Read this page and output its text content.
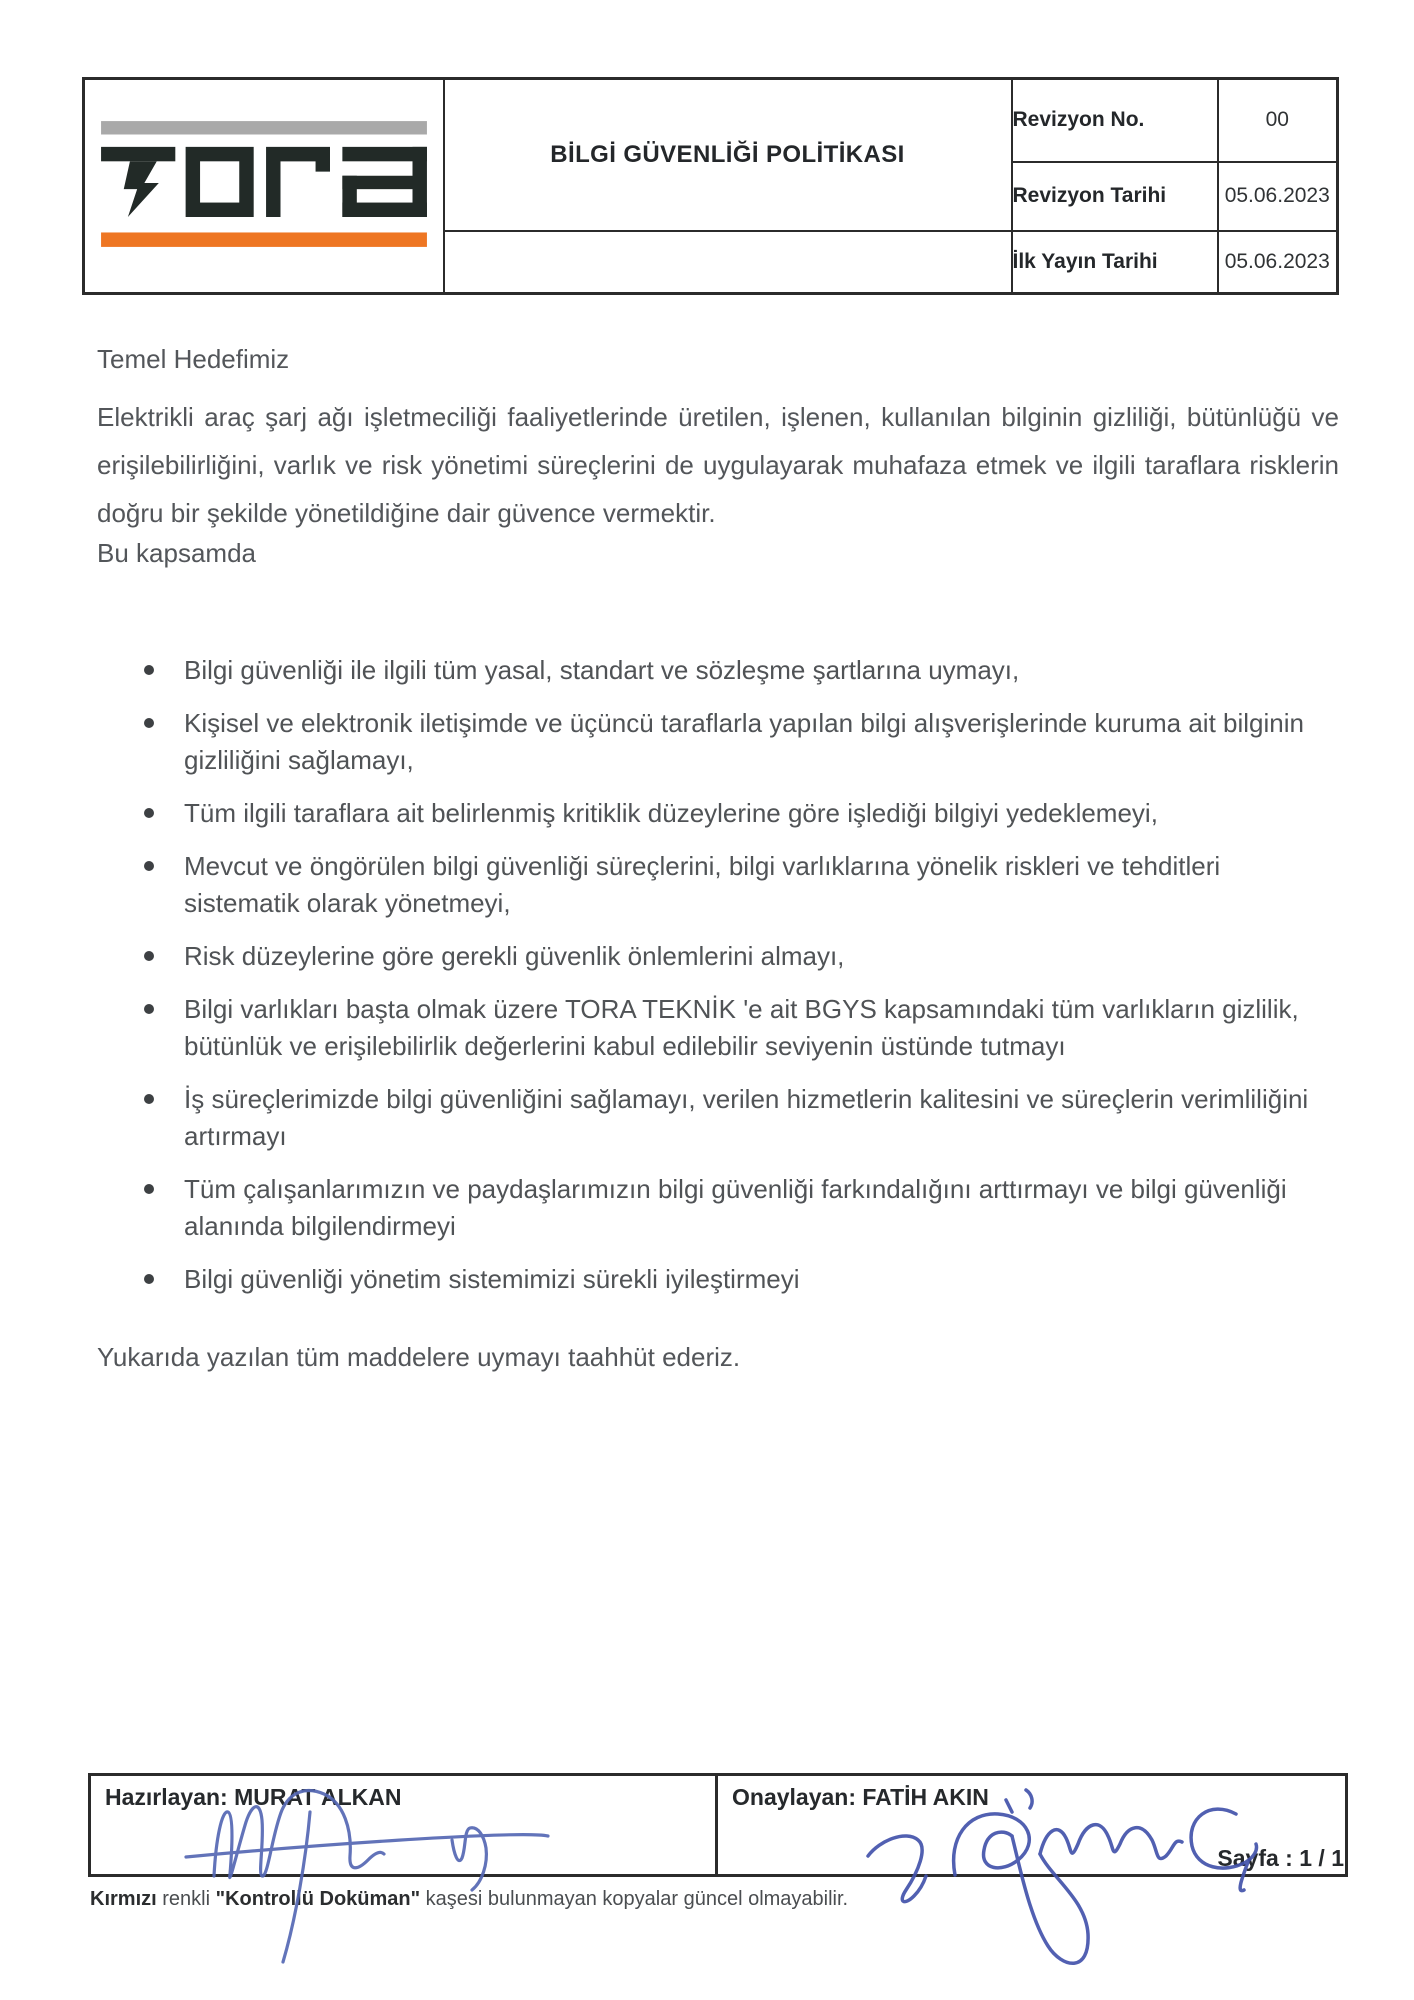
	BİLGİ GÜVENLİĞİ POLİTİKASI	Revizyon No.	00
		Revizyon Tarihi	05.06.2023
		İlk Yayın Tarihi	05.06.2023
Temel Hedefimiz
Elektrikli araç şarj ağı işletmeciliği faaliyetlerinde üretilen, işlenen, kullanılan bilginin gizliliği, bütünlüğü ve erişilebilirliğini, varlık ve risk yönetimi süreçlerini de uygulayarak muhafaza etmek ve ilgili taraflara risklerin doğru bir şekilde yönetildiğine dair güvence vermektir.
Bu kapsamda
Bilgi güvenliği ile ilgili tüm yasal, standart ve sözleşme şartlarına uymayı,
Kişisel ve elektronik iletişimde ve üçüncü taraflarla yapılan bilgi alışverişlerinde kuruma ait bilginin gizliliğini sağlamayı,
Tüm ilgili taraflara ait belirlenmiş kritiklik düzeylerine göre işlediği bilgiyi yedeklemeyi,
Mevcut ve öngörülen bilgi güvenliği süreçlerini, bilgi varlıklarına yönelik riskleri ve tehditleri sistematik olarak yönetmeyi,
Risk düzeylerine göre gerekli güvenlik önlemlerini almayı,
Bilgi varlıkları başta olmak üzere TORA TEKNİK 'e ait BGYS kapsamındaki tüm varlıkların gizlilik, bütünlük ve erişilebilirlik değerlerini kabul edilebilir seviyenin üstünde tutmayı
İş süreçlerimizde bilgi güvenliğini sağlamayı, verilen hizmetlerin kalitesini ve süreçlerin verimliliğini artırmayı
Tüm çalışanlarımızın ve paydaşlarımızın bilgi güvenliği farkındalığını arttırmayı ve bilgi güvenliği alanında bilgilendirmeyi
Bilgi güvenliği yönetim sistemimizi sürekli iyileştirmeyi
Yukarıda yazılan tüm maddelere uymayı taahhüt ederiz.
Hazırlayan: MURAT ALKAN	Onaylayan: FATİH AKIN
Sayfa : 1 / 1
Kırmızı renkli "Kontrollü Doküman" kaşesi bulunmayan kopyalar güncel olmayabilir.
